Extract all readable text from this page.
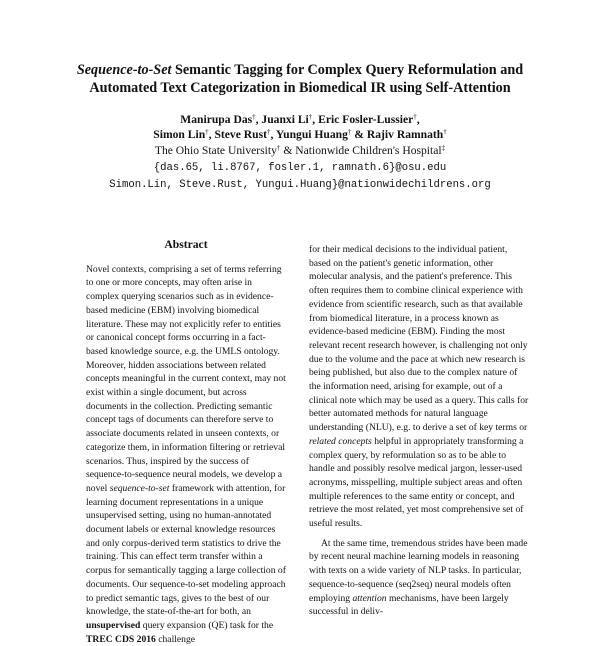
Sequence-to-Set Semantic Tagging for Complex Query Reformulation and
Automated Text Categorization in Biomedical IR using Self-Attention
Manirupa Das†, Juanxi Li†, Eric Fosler-Lussier†,
Simon Lin†, Steve Rust†, Yungui Huang† & Rajiv Ramnath†
The Ohio State University† & Nationwide Children's Hospital‡
{das.65, li.8767, fosler.1, ramnath.6}@osu.edu
Simon.Lin, Steve.Rust, Yungui.Huang}@nationwidechildrens.org
Abstract

Novel contexts, comprising a set of terms referring to one or more concepts, may often arise in complex querying scenarios such as in evidence-based medicine (EBM) involving biomedical literature. These may not explicitly refer to entities or canonical concept forms occurring in a fact-based knowledge source, e.g. the UMLS ontology. Moreover, hidden associations between related concepts meaningful in the current context, may not exist within a single document, but across documents in the collection. Predicting semantic concept tags of documents can therefore serve to associate documents related in unseen contexts, or categorize them, in information filtering or retrieval scenarios. Thus, inspired by the success of sequence-to-sequence neural models, we develop a novel sequence-to-set framework with attention, for learning document representations in a unique unsupervised setting, using no human-annotated document labels or external knowledge resources and only corpus-derived term statistics to drive the training. This can effect term transfer within a corpus for semantically tagging a large collection of documents. Our sequence-to-set modeling approach to predict semantic tags, gives to the best of our knowledge, the state-of-the-art for both, an unsupervised query expansion (QE) task for the TREC CDS 2016 challenge

for their medical decisions to the individual patient, based on the patient's genetic information, other molecular analysis, and the patient's preference. This often requires them to combine clinical experience with evidence from scientific research, such as that available from biomedical literature, in a process known as evidence-based medicine (EBM). Finding the most relevant recent research however, is challenging not only due to the volume and the pace at which new research is being published, but also due to the complex nature of the information need, arising for example, out of a clinical note which may be used as a query. This calls for better automated methods for natural language understanding (NLU), e.g. to derive a set of key terms or related concepts helpful in appropriately transforming a complex query, by reformulation so as to be able to handle and possibly resolve medical jargon, lesser-used acronyms, misspelling, multiple subject areas and often multiple references to the same entity or concept, and retrieve the most related, yet most comprehensive set of useful results.

At the same time, tremendous strides have been made by recent neural machine learning models in reasoning with texts on a wide variety of NLP tasks. In particular, sequence-to-sequence (seq2seq) neural models often employing attention mechanisms, have been largely successful in deliv-
